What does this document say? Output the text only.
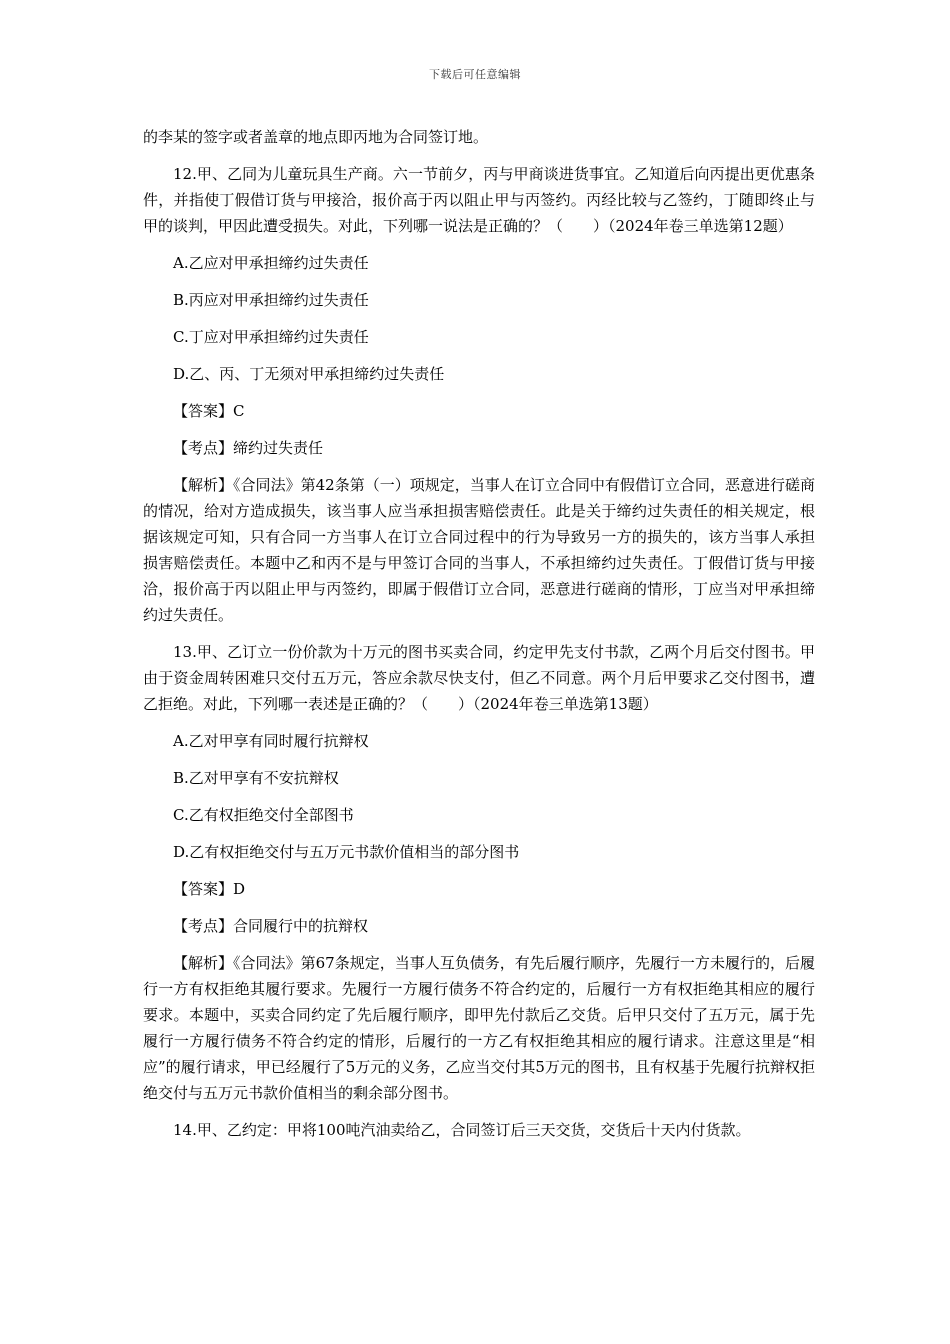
下载后可任意编辑

的李某的签字或者盖章的地点即丙地为合同签订地。

12.甲、乙同为儿童玩具生产商。六一节前夕，丙与甲商谈进货事宜。乙知道后向丙提出更优惠条件，并指使丁假借订货与甲接洽，报价高于丙以阻止甲与丙签约。丙经比较与乙签约，丁随即终止与甲的谈判，甲因此遭受损失。对此，下列哪一说法是正确的？（　　）（2024年卷三单选第12题）

A.乙应对甲承担缔约过失责任

B.丙应对甲承担缔约过失责任

C.丁应对甲承担缔约过失责任

D.乙、丙、丁无须对甲承担缔约过失责任

【答案】C

【考点】缔约过失责任

【解析】《合同法》第42条第（一）项规定，当事人在订立合同中有假借订立合同，恶意进行磋商的情况，给对方造成损失，该当事人应当承担损害赔偿责任。此是关于缔约过失责任的相关规定，根据该规定可知，只有合同一方当事人在订立合同过程中的行为导致另一方的损失的，该方当事人承担损害赔偿责任。本题中乙和丙不是与甲签订合同的当事人，不承担缔约过失责任。丁假借订货与甲接洽，报价高于丙以阻止甲与丙签约，即属于假借订立合同，恶意进行磋商的情形，丁应当对甲承担缔约过失责任。

13.甲、乙订立一份价款为十万元的图书买卖合同，约定甲先支付书款，乙两个月后交付图书。甲由于资金周转困难只交付五万元，答应余款尽快支付，但乙不同意。两个月后甲要求乙交付图书，遭乙拒绝。对此，下列哪一表述是正确的？（　　）（2024年卷三单选第13题）

A.乙对甲享有同时履行抗辩权

B.乙对甲享有不安抗辩权

C.乙有权拒绝交付全部图书

D.乙有权拒绝交付与五万元书款价值相当的部分图书

【答案】D

【考点】合同履行中的抗辩权

【解析】《合同法》第67条规定，当事人互负债务，有先后履行顺序，先履行一方未履行的，后履行一方有权拒绝其履行要求。先履行一方履行债务不符合约定的，后履行一方有权拒绝其相应的履行要求。本题中，买卖合同约定了先后履行顺序，即甲先付款后乙交货。后甲只交付了五万元，属于先履行一方履行债务不符合约定的情形，后履行的一方乙有权拒绝其相应的履行请求。注意这里是“相应”的履行请求，甲已经履行了5万元的义务，乙应当交付其5万元的图书，且有权基于先履行抗辩权拒绝交付与五万元书款价值相当的剩余部分图书。

14.甲、乙约定：甲将100吨汽油卖给乙，合同签订后三天交货，交货后十天内付货款。
